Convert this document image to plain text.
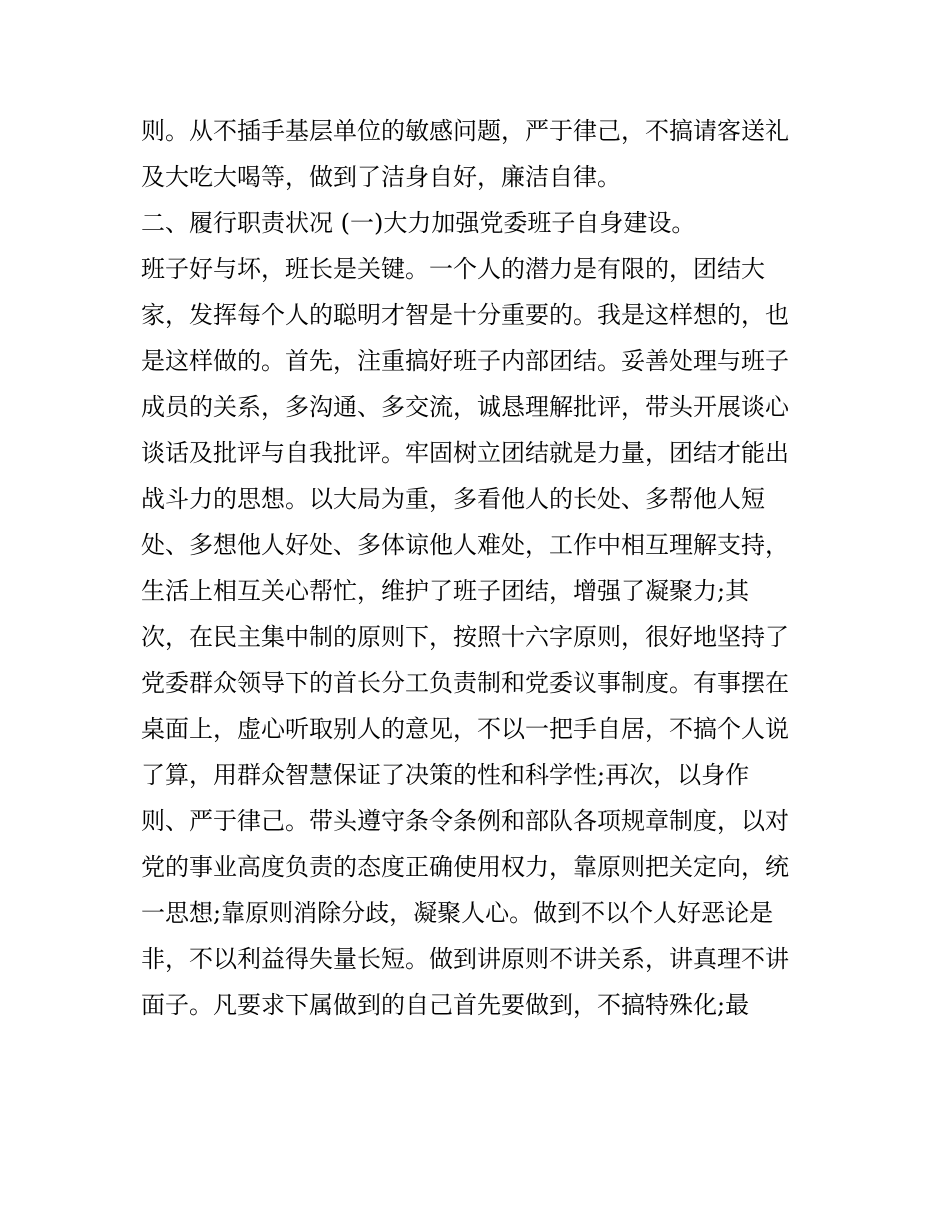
则。从不插手基层单位的敏感问题，严于律己，不搞请客送礼
及大吃大喝等，做到了洁身自好，廉洁自律。
二、履行职责状况 (一)大力加强党委班子自身建设。
班子好与坏，班长是关键。一个人的潜力是有限的，团结大
家，发挥每个人的聪明才智是十分重要的。我是这样想的，也
是这样做的。首先，注重搞好班子内部团结。妥善处理与班子
成员的关系，多沟通、多交流，诚恳理解批评，带头开展谈心
谈话及批评与自我批评。牢固树立团结就是力量，团结才能出
战斗力的思想。以大局为重，多看他人的长处、多帮他人短
处、多想他人好处、多体谅他人难处，工作中相互理解支持，
生活上相互关心帮忙，维护了班子团结，增强了凝聚力;其
次，在民主集中制的原则下，按照十六字原则，很好地坚持了
党委群众领导下的首长分工负责制和党委议事制度。有事摆在
桌面上，虚心听取别人的意见，不以一把手自居，不搞个人说
了算，用群众智慧保证了决策的性和科学性;再次，以身作
则、严于律己。带头遵守条令条例和部队各项规章制度，以对
党的事业高度负责的态度正确使用权力，靠原则把关定向，统
一思想;靠原则消除分歧，凝聚人心。做到不以个人好恶论是
非，不以利益得失量长短。做到讲原则不讲关系，讲真理不讲
面子。凡要求下属做到的自己首先要做到，不搞特殊化;最
